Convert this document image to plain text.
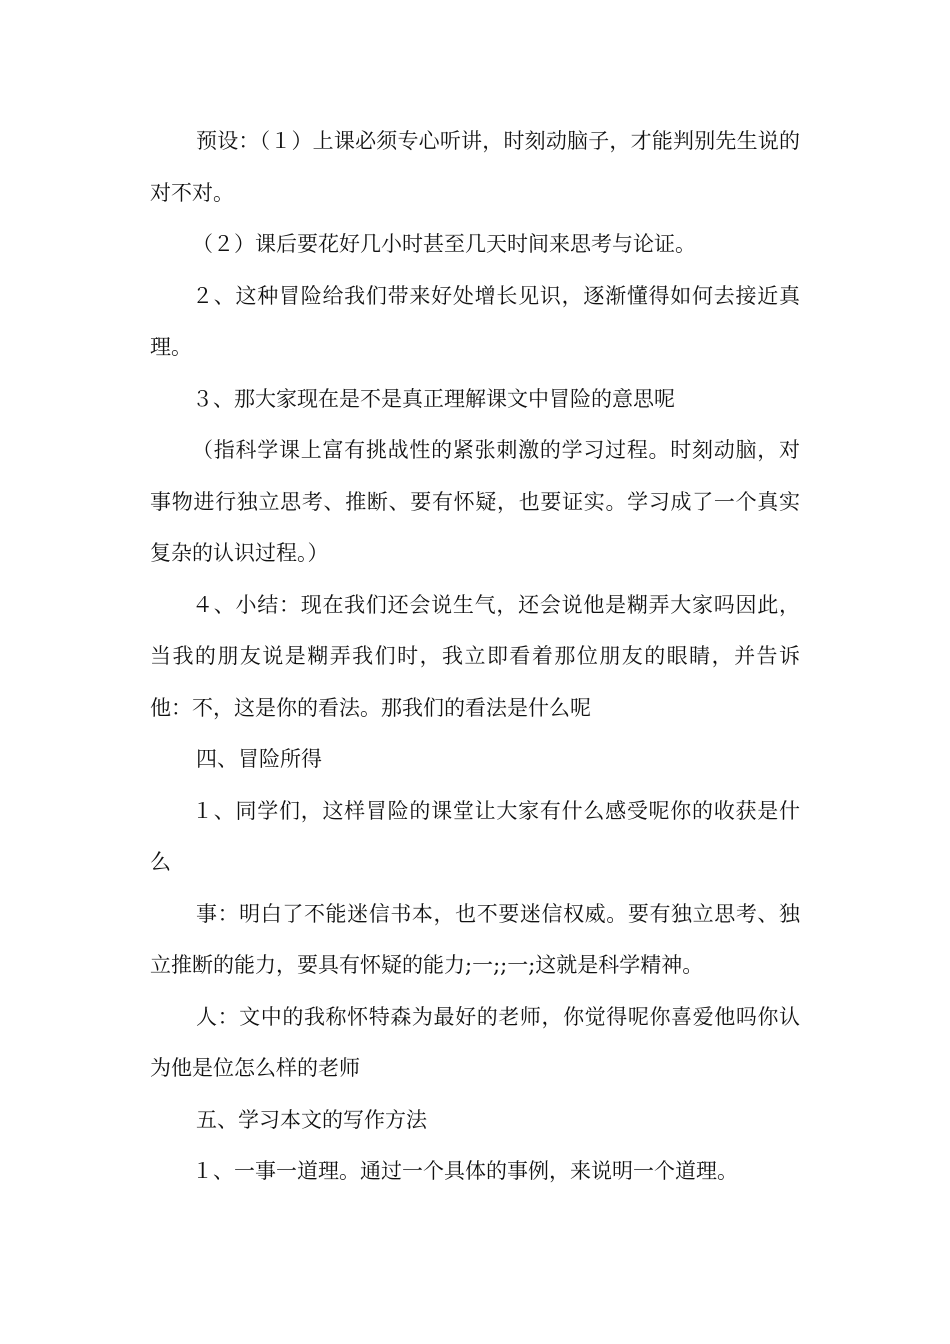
预设：（１）上课必须专心听讲，时刻动脑子，才能判别先生说的对不对。

（２）课后要花好几小时甚至几天时间来思考与论证。

２、这种冒险给我们带来好处增长见识，逐渐懂得如何去接近真理。

３、那大家现在是不是真正理解课文中冒险的意思呢

（指科学课上富有挑战性的紧张刺激的学习过程。时刻动脑，对事物进行独立思考、推断、要有怀疑，也要证实。学习成了一个真实复杂的认识过程。）

４、小结：现在我们还会说生气，还会说他是糊弄大家吗因此，当我的朋友说是糊弄我们时，我立即看着那位朋友的眼睛，并告诉他：不，这是你的看法。那我们的看法是什么呢

四、冒险所得

１、同学们，这样冒险的课堂让大家有什么感受呢你的收获是什么

事：明白了不能迷信书本，也不要迷信权威。要有独立思考、独立推断的能力，要具有怀疑的能力;一;;一;这就是科学精神。

人：文中的我称怀特森为最好的老师，你觉得呢你喜爱他吗你认为他是位怎么样的老师

五、学习本文的写作方法

１、一事一道理。通过一个具体的事例，来说明一个道理。
